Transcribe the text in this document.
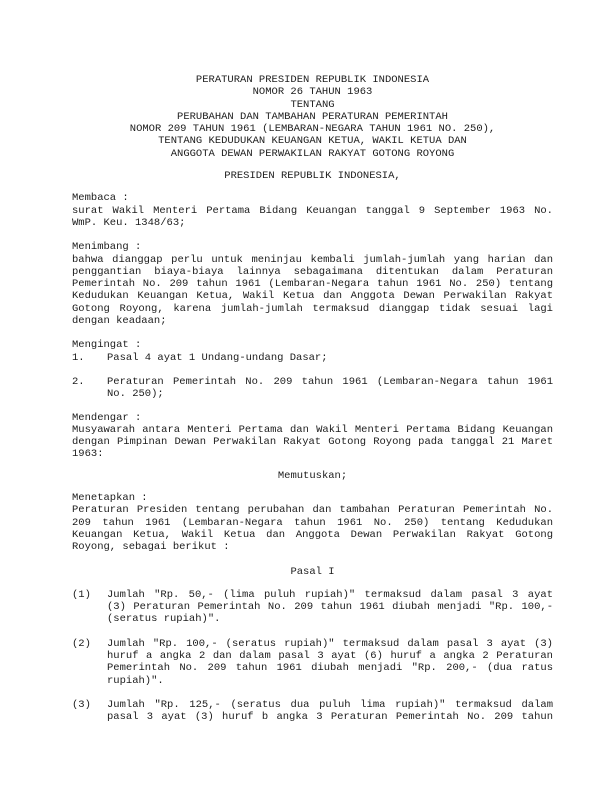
PERATURAN PRESIDEN REPUBLIK INDONESIA
NOMOR 26 TAHUN 1963
TENTANG
PERUBAHAN DAN TAMBAHAN PERATURAN PEMERINTAH
NOMOR 209 TAHUN 1961 (LEMBARAN-NEGARA TAHUN 1961 NO. 250),
TENTANG KEDUDUKAN KEUANGAN KETUA, WAKIL KETUA DAN
ANGGOTA DEWAN PERWAKILAN RAKYAT GOTONG ROYONG
PRESIDEN REPUBLIK INDONESIA,
Membaca :
surat Wakil Menteri Pertama Bidang Keuangan tanggal 9 September 1963 No.
WmP. Keu. 1348/63;
Menimbang :
bahwa dianggap perlu untuk meninjau kembali jumlah-jumlah yang harian dan
penggantian biaya-biaya lainnya sebagaimana ditentukan dalam Peraturan
Pemerintah No. 209 tahun 1961 (Lembaran-Negara tahun 1961 No. 250) tentang
Kedudukan Keuangan Ketua, Wakil Ketua dan Anggota Dewan Perwakilan Rakyat
Gotong Royong, karena jumlah-jumlah termaksud dianggap tidak sesuai lagi
dengan keadaan;
Mengingat :
1.	Pasal 4 ayat 1 Undang-undang Dasar;
2.	Peraturan Pemerintah No. 209 tahun 1961 (Lembaran-Negara tahun 1961
No. 250);
Mendengar :
Musyawarah antara Menteri Pertama dan Wakil Menteri Pertama Bidang Keuangan
dengan Pimpinan Dewan Perwakilan Rakyat Gotong Royong pada tanggal 21 Maret
1963:
Memutuskan;
Menetapkan :
Peraturan Presiden tentang perubahan dan tambahan Peraturan Pemerintah No.
209 tahun 1961 (Lembaran-Negara tahun 1961 No. 250) tentang Kedudukan
Keuangan Ketua, Wakil Ketua dan Anggota Dewan Perwakilan Rakyat Gotong
Royong, sebagai berikut :
Pasal I
(1)	Jumlah "Rp. 50,- (lima puluh rupiah)" termaksud dalam pasal 3 ayat
(3) Peraturan Pemerintah No. 209 tahun 1961 diubah menjadi "Rp. 100,-
(seratus rupiah)".
(2)	Jumlah "Rp. 100,- (seratus rupiah)" termaksud dalam pasal 3 ayat (3)
huruf a angka 2 dan dalam pasal 3 ayat (6) huruf a angka 2 Peraturan
Pemerintah No. 209 tahun 1961 diubah menjadi "Rp. 200,- (dua ratus
rupiah)".
(3)	Jumlah "Rp. 125,- (seratus dua puluh lima rupiah)" termaksud dalam
pasal 3 ayat (3) huruf b angka 3 Peraturan Pemerintah No. 209 tahun
